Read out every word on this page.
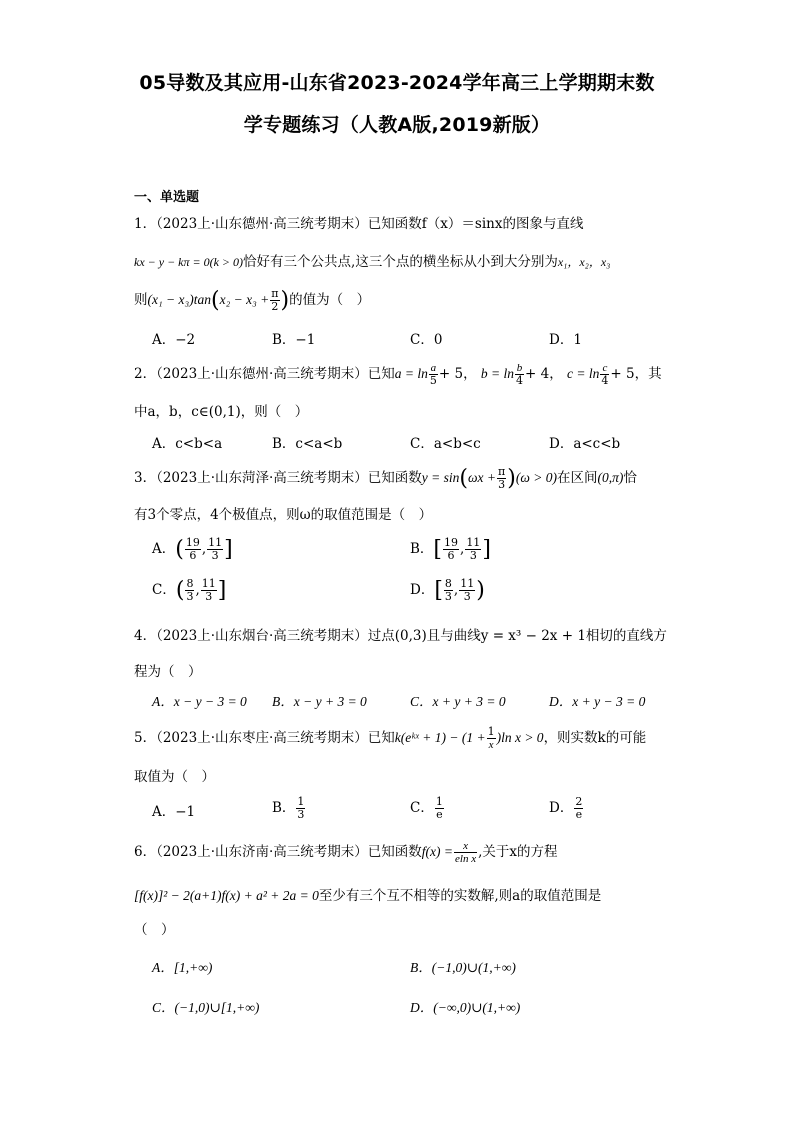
05导数及其应用-山东省2023-2024学年高三上学期期末数
学专题练习（人教A版,2019新版）
一、单选题
1．（2023上·山东德州·高三统考期末）已知函数f（x）＝sinx的图象与直线
kx − y − kπ = 0(k > 0)恰好有三个公共点,这三个点的横坐标从小到大分别为x₁，x₂，x₃
则$(x_1 - x_3)\tan(x_2 - x_3 + \frac{\pi}{2}$ )的值为（　）
A．−2	B．−1	C．0	D．1
2．（2023上·山东德州·高三统考期末）已知$a = \ln \frac{a}{5} + 5$， $b = \ln \frac{b}{4} + 4$， $c = \ln \frac{c}{4} + 5$，其
中a，b，c∈(0,1)，则（　）
A．c<b<a	B．c<a<b	C．a<b<c	D．a<c<b
3．（2023上·山东菏泽·高三统考期末）已知函数$y = \sin(\omega x + \frac{\pi}{3} )(\omega > 0)$在区间(0,π)恰
有3个零点，4个极值点，则ω的取值范围是（　）
A．( $\frac{19}{6}$ , $\frac{11}{3}$ ]	B．[ $\frac{19}{6}$ , $\frac{11}{3}$ ]
C．( $\frac{8}{3}$ , $\frac{11}{3}$ ]	D．[ $\frac{8}{3}$ , $\frac{11}{3}$ )
4．（2023上·山东烟台·高三统考期末）过点(0,3)且与曲线y = x³ − 2x + 1相切的直线方
程为（　）
A．x − y − 3 = 0 B．x − y + 3 = 0	C．x + y + 3 = 0	D．x + y − 3 = 0
5．（2023上·山东枣庄·高三统考期末）已知k(eᵏˣ + $1) - (1 + \frac{1}{x} )\ln$ x > 0，则实数k的可能
取值为（　）
A．−1	B． $\frac{1}{3}$	C． $\frac{1}{e}$	D． $\frac{2}{e}$
6．（2023上·山东济南·高三统考期末）已知函数$f(x) = \frac{x}{\text{eln x}}$ ,关于x的方程
[f(x)]² − 2(a+1)f(x) + a² + 2a = 0至少有三个互不相等的实数解,则a的取值范围是
（　）
A．[1,+∞)	B．(−1,0)∪(1,+∞)
C．(−1,0)∪[1,+∞)	D．(−∞,0)∪(1,+∞)
